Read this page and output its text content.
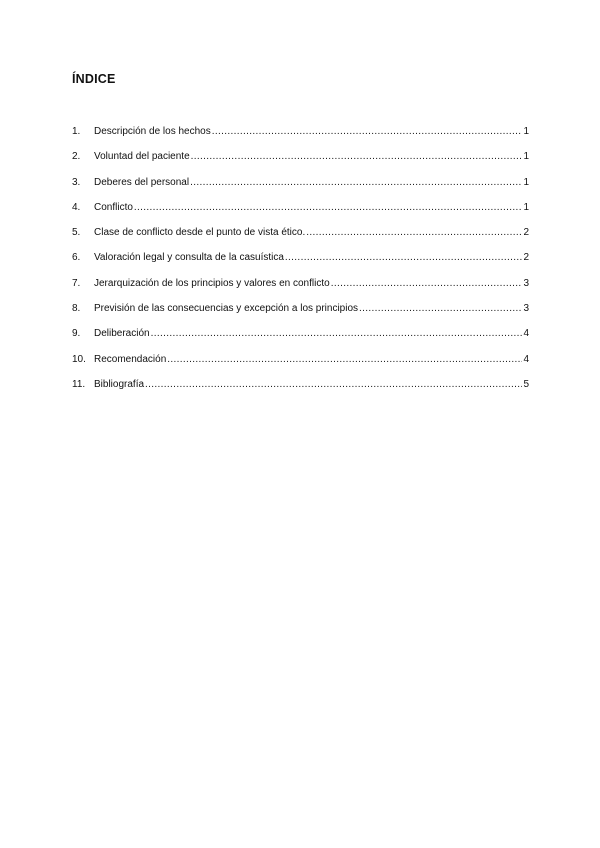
ÍNDICE
1.	Descripción de los hechos .....	1
2.	Voluntad del paciente .....	1
3.	Deberes del personal .....	1
4.	Conflicto .....	1
5.	Clase de conflicto desde el punto de vista ético. .....	2
6.	Valoración legal y consulta de la casuística .....	2
7.	Jerarquización de los principios y valores en conflicto .....	3
8.	Previsión de las consecuencias y excepción a los principios .....	3
9.	Deliberación .....	4
10. Recomendación .....	4
11. Bibliografía .....	5
